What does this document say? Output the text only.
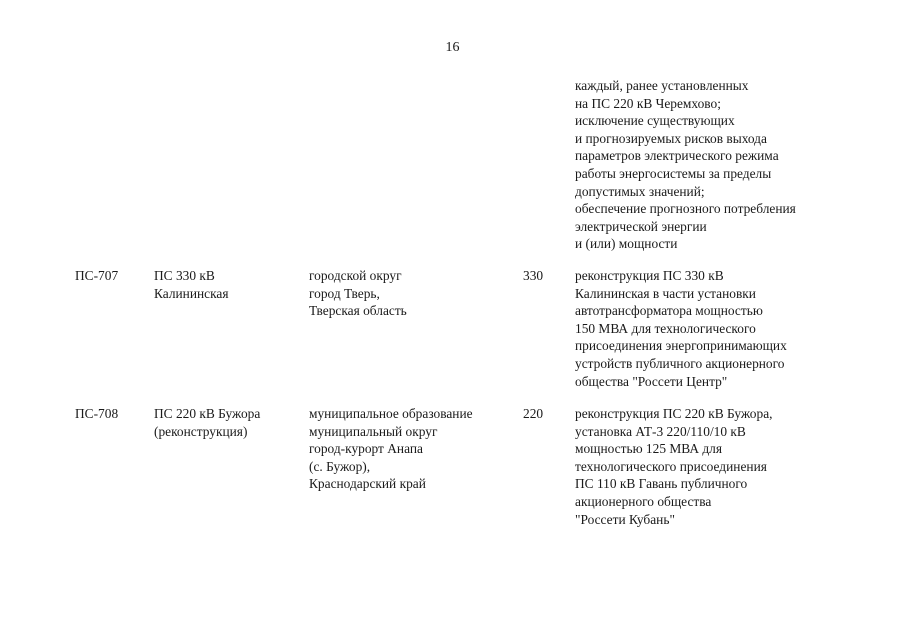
16
каждый, ранее установленных
на ПС 220 кВ Черемхово;
исключение существующих
и прогнозируемых рисков выхода
параметров электрического режима
работы энергосистемы за пределы
допустимых значений;
обеспечение прогнозного потребления
электрической энергии
и (или) мощности
ПС-707	ПС 330 кВ
Калининская
городской округ
город Тверь,
Тверская область
330 реконструкция ПС 330 кВ
Калининская в части установки
автотрансформатора мощностью
150 МВА для технологического
присоединения энергопринимающих
устройств публичного акционерного
общества "Россети Центр"
ПС-708	ПС 220 кВ Бужора
(реконструкция)
муниципальное образование
муниципальный округ
город-курорт Анапа
(с. Бужор),
Краснодарский край
220 реконструкция ПС 220 кВ Бужора,
установка АТ-3 220/110/10 кВ
мощностью 125 МВА для
технологического присоединения
ПС 110 кВ Гавань публичного
акционерного общества
"Россети Кубань"
